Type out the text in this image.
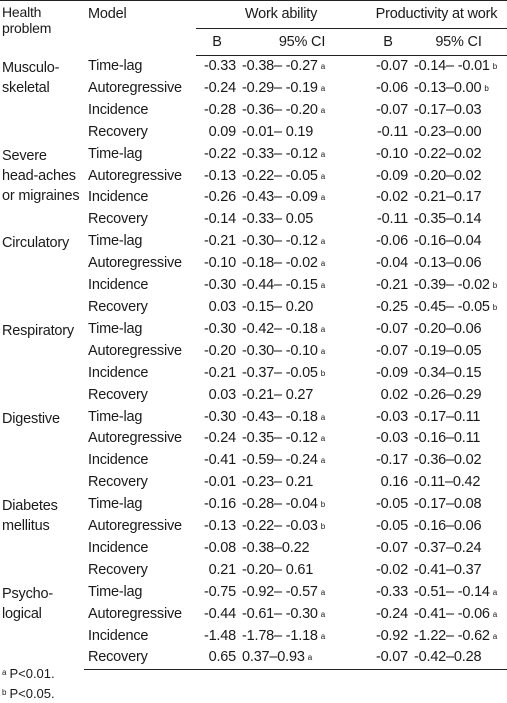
Health problem	Model	Work ability		Productivity at work	
		B	95% CI	B	95% CI
Musculo-skeletal	Time-lag	-0.33	-0.38– -0.27 $^a$	-0.07	-0.14– -0.01 $^b$
	Autoregressive	-0.24	-0.29– -0.19 $^a$	-0.06	-0.13–0.00 $^b$
	Incidence	-0.28	-0.36– -0.20 $^a$	-0.07	-0.17–0.03
	Recovery	0.09	-0.01– 0.19	-0.11	-0.23–0.00
Severe head-aches or migraines	Time-lag	-0.22	-0.33– -0.12 $^a$	-0.10	-0.22–0.02
	Autoregressive	-0.13	-0.22– -0.05 $^a$	-0.09	-0.20–0.02
	Incidence	-0.26	-0.43– -0.09 $^a$	-0.02	-0.21–0.17
	Recovery	-0.14	-0.33– 0.05	-0.11	-0.35–0.14
Circulatory	Time-lag	-0.21	-0.30– -0.12 $^a$	-0.06	-0.16–0.04
	Autoregressive	-0.10	-0.18– -0.02 $^a$	-0.04	-0.13–0.06
	Incidence	-0.30	-0.44– -0.15 $^a$	-0.21	-0.39– -0.02 $^b$
	Recovery	0.03	-0.15– 0.20	-0.25	-0.45– -0.05 $^b$
Respiratory	Time-lag	-0.30	-0.42– -0.18 $^a$	-0.07	-0.20–0.06
	Autoregressive	-0.20	-0.30– -0.10 $^a$	-0.07	-0.19–0.05
	Incidence	-0.21	-0.37– -0.05 $^b$	-0.09	-0.34–0.15
	Recovery	0.03	-0.21– 0.27	0.02	-0.26–0.29
Digestive	Time-lag	-0.30	-0.43– -0.18 $^a$	-0.03	-0.17–0.11
	Autoregressive	-0.24	-0.35– -0.12 $^a$	-0.03	-0.16–0.11
	Incidence	-0.41	-0.59– -0.24 $^a$	-0.17	-0.36–0.02
	Recovery	-0.01	-0.23– 0.21	0.16	-0.11–0.42
Diabetes mellitus	Time-lag	-0.16	-0.28– -0.04 $^b$	-0.05	-0.17–0.08
	Autoregressive	-0.13	-0.22– -0.03 $^b$	-0.05	-0.16–0.06
	Incidence	-0.08	-0.38–0.22	-0.07	-0.37–0.24
	Recovery	0.21	-0.20– 0.61	-0.02	-0.41–0.37
Psycho-logical	Time-lag	-0.75	-0.92– -0.57 $^a$	-0.33	-0.51– -0.14 $^a$
	Autoregressive	-0.44	-0.61– -0.30 $^a$	-0.24	-0.41– -0.06 $^a$
	Incidence	-1.48	-1.78– -1.18 $^a$	-0.92	-1.22– -0.62 $^a$
	Recovery	0.65	0.37–0.93 $^a$	-0.07	-0.42–0.28
$^a$ P<0.01.
$^b$ P<0.05.
